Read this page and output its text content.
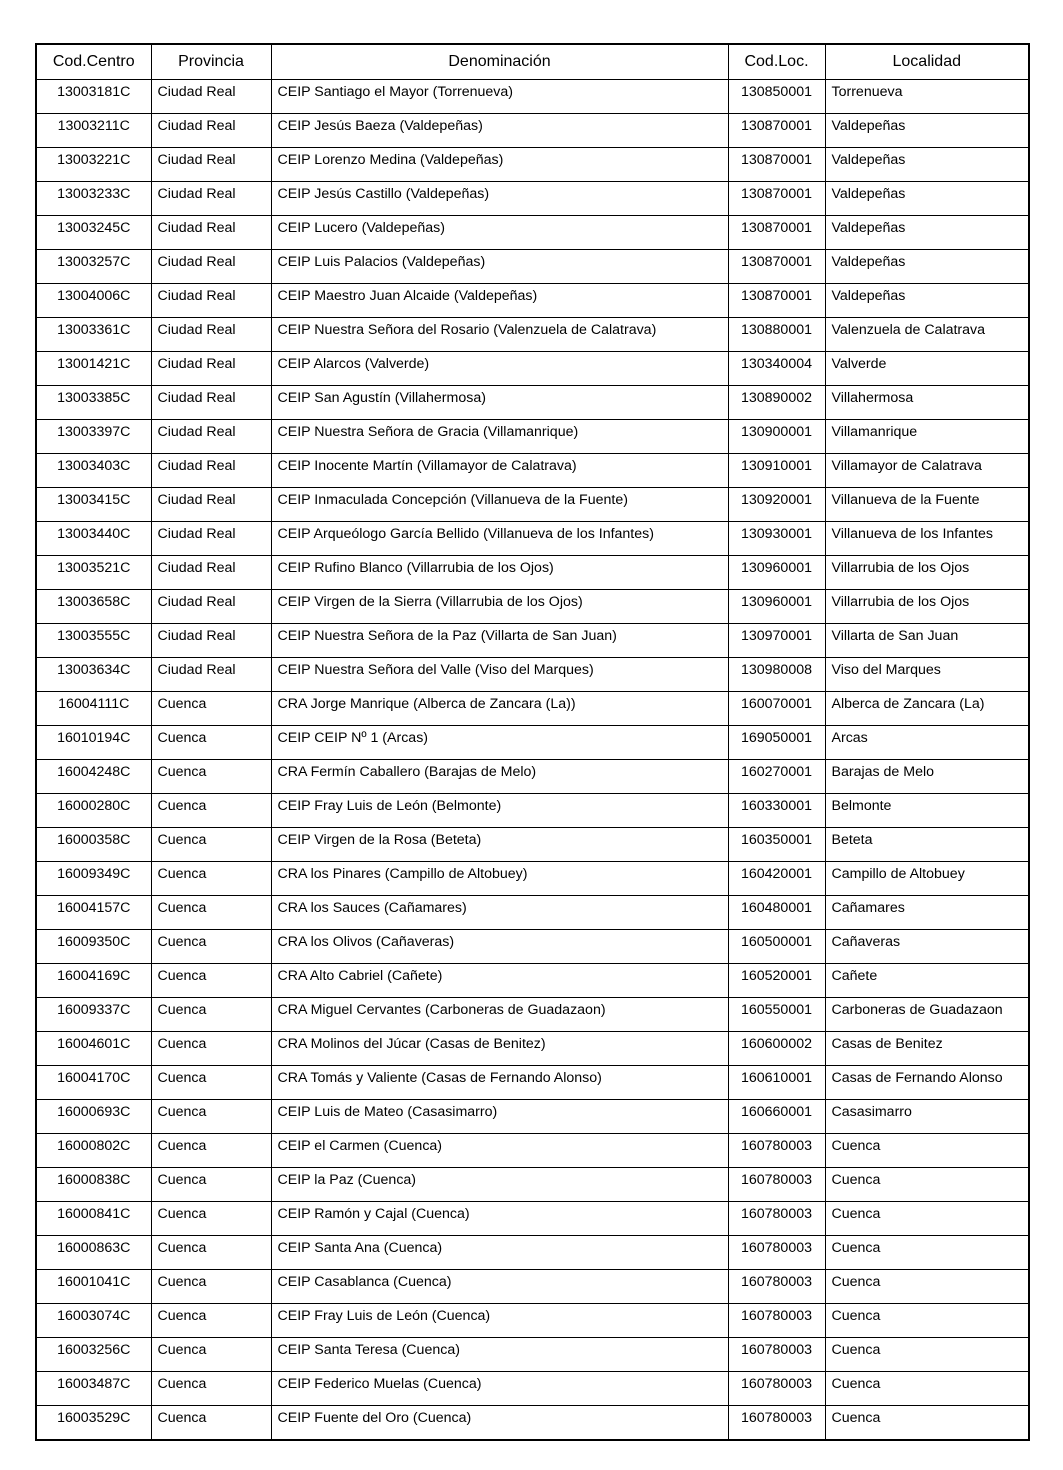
Cod.Centro	Provincia	Denominación	Cod.Loc.	Localidad
13003181C	Ciudad Real	CEIP Santiago el Mayor (Torrenueva)	130850001	Torrenueva
13003211C	Ciudad Real	CEIP Jesús Baeza (Valdepeñas)	130870001	Valdepeñas
13003221C	Ciudad Real	CEIP Lorenzo Medina (Valdepeñas)	130870001	Valdepeñas
13003233C	Ciudad Real	CEIP Jesús Castillo (Valdepeñas)	130870001	Valdepeñas
13003245C	Ciudad Real	CEIP Lucero (Valdepeñas)	130870001	Valdepeñas
13003257C	Ciudad Real	CEIP Luis Palacios (Valdepeñas)	130870001	Valdepeñas
13004006C	Ciudad Real	CEIP Maestro Juan Alcaide (Valdepeñas)	130870001	Valdepeñas
13003361C	Ciudad Real	CEIP Nuestra Señora del Rosario (Valenzuela de Calatrava)	130880001	Valenzuela de Calatrava
13001421C	Ciudad Real	CEIP Alarcos (Valverde)	130340004	Valverde
13003385C	Ciudad Real	CEIP San Agustín (Villahermosa)	130890002	Villahermosa
13003397C	Ciudad Real	CEIP Nuestra Señora de Gracia (Villamanrique)	130900001	Villamanrique
13003403C	Ciudad Real	CEIP Inocente Martín (Villamayor de Calatrava)	130910001	Villamayor de Calatrava
13003415C	Ciudad Real	CEIP Inmaculada Concepción (Villanueva de la Fuente)	130920001	Villanueva de la Fuente
13003440C	Ciudad Real	CEIP Arqueólogo García Bellido (Villanueva de los Infantes)	130930001	Villanueva de los Infantes
13003521C	Ciudad Real	CEIP Rufino Blanco (Villarrubia de los Ojos)	130960001	Villarrubia de los Ojos
13003658C	Ciudad Real	CEIP Virgen de la Sierra (Villarrubia de los Ojos)	130960001	Villarrubia de los Ojos
13003555C	Ciudad Real	CEIP Nuestra Señora de la Paz (Villarta de San Juan)	130970001	Villarta de San Juan
13003634C	Ciudad Real	CEIP Nuestra Señora del Valle (Viso del Marques)	130980008	Viso del Marques
16004111C	Cuenca	CRA Jorge Manrique (Alberca de Zancara (La))	160070001	Alberca de Zancara (La)
16010194C	Cuenca	CEIP CEIP Nº 1 (Arcas)	169050001	Arcas
16004248C	Cuenca	CRA Fermín Caballero (Barajas de Melo)	160270001	Barajas de Melo
16000280C	Cuenca	CEIP Fray Luis de León (Belmonte)	160330001	Belmonte
16000358C	Cuenca	CEIP Virgen de la Rosa (Beteta)	160350001	Beteta
16009349C	Cuenca	CRA los Pinares (Campillo de Altobuey)	160420001	Campillo de Altobuey
16004157C	Cuenca	CRA los Sauces (Cañamares)	160480001	Cañamares
16009350C	Cuenca	CRA los Olivos (Cañaveras)	160500001	Cañaveras
16004169C	Cuenca	CRA Alto Cabriel (Cañete)	160520001	Cañete
16009337C	Cuenca	CRA Miguel Cervantes (Carboneras de Guadazaon)	160550001	Carboneras de Guadazaon
16004601C	Cuenca	CRA Molinos del Júcar (Casas de Benitez)	160600002	Casas de Benitez
16004170C	Cuenca	CRA Tomás y Valiente (Casas de Fernando Alonso)	160610001	Casas de Fernando Alonso
16000693C	Cuenca	CEIP Luis de Mateo (Casasimarro)	160660001	Casasimarro
16000802C	Cuenca	CEIP el Carmen (Cuenca)	160780003	Cuenca
16000838C	Cuenca	CEIP la Paz (Cuenca)	160780003	Cuenca
16000841C	Cuenca	CEIP Ramón y Cajal (Cuenca)	160780003	Cuenca
16000863C	Cuenca	CEIP Santa Ana (Cuenca)	160780003	Cuenca
16001041C	Cuenca	CEIP Casablanca (Cuenca)	160780003	Cuenca
16003074C	Cuenca	CEIP Fray Luis de León (Cuenca)	160780003	Cuenca
16003256C	Cuenca	CEIP Santa Teresa (Cuenca)	160780003	Cuenca
16003487C	Cuenca	CEIP Federico Muelas (Cuenca)	160780003	Cuenca
16003529C	Cuenca	CEIP Fuente del Oro (Cuenca)	160780003	Cuenca
